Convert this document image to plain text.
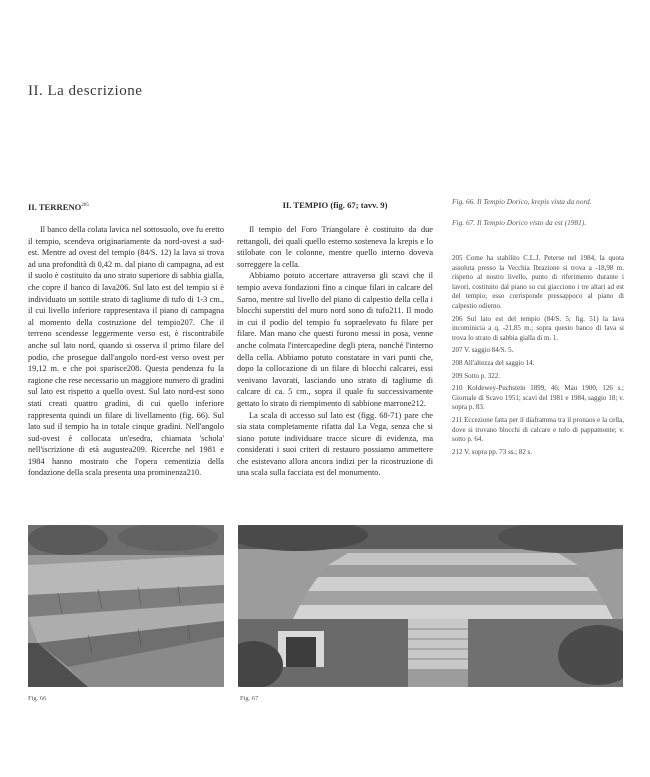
II. La descrizione
II. TERRENO$^{205}$

Il banco della colata lavica nel sottosuolo, ove fu eretto il tempio, scendeva originariamente da nord-ovest a sud-est. Mentre ad ovest del tempio (84/S. 12) la lava si trova ad una profondità di 0,42 m. dal piano di campagna, ad est il suolo è costituito da uno strato superiore di sabbia gialla, che copre il banco di lava206. Sul lato est del tempio si è individuato un sottile strato di tagliume di tufo di 1-3 cm., il cui livello inferiore rappresentava il piano di campagna al momento della costruzione del tempio207. Che il terreno scendesse leggermente verso est, è riscontrabile anche sul lato nord, quando si osserva il primo filare del podio, che prosegue dall'angolo nord-est verso ovest per 19,12 m. e che poi sparisce208. Questa pendenza fu la ragione che rese necessario un maggiore numero di gradini sul lato est rispetto a quello ovest. Sul lato nord-est sono stati creati quattro gradini, di cui quello inferiore rappresenta quindi un filare di livellamento (fig. 66). Sul lato sud il tempio ha in totale cinque gradini. Nell'angolo sud-ovest è collocata un'esedra, chiamata 'schola' nell'iscrizione di età augustea209. Ricerche nel 1981 e 1984 hanno mostrato che l'opera cementizia della fondazione della scala presenta una prominenza210.

II. TEMPIO (fig. 67; tavv. 9)

Il tempio del Foro Triangolare è costituito da due rettangoli, dei quali quello esterno sosteneva la krepis e lo stilobate con le colonne, mentre quello interno doveva sorreggere la cella.

Abbiamo potuto accertare attraverso gli scavi che il tempio aveva fondazioni fino a cinque filari in calcare del Sarno, mentre sul livello del piano di calpestio della cella i blocchi superstiti del muro nord sono di tufo211. Il modo in cui il podio del tempio fu sopraelevato fu filare per filare. Man mano che questi furono messi in posa, venne anche colmata l'intercapedine degli ptera, nonché l'interno della cella. Abbiamo potuto constatare in vari punti che, dopo la collocazione di un filare di blocchi calcarei, essi venivano lavorati, lasciando uno strato di tagliume di calcare di ca. 5 cm., sopra il quale fu successivamente gettato lo strato di riempimento di sabbione marrone212.

La scala di accesso sul lato est (figg. 68-71) pare che sia stata completamente rifatta dal La Vega, senza che si siano potute individuare tracce sicure di evidenza, ma considerati i suoi criteri di restauro possiamo ammettere che esistevano allora ancora indizi per la ricostruzione di una scala sulla facciata est del monumento.

Fig. 66. Il Tempio Dorico, krepis vista da nord.
Fig. 67. Il Tempio Dorico visto da est (1981).

205 Come ha stabilito C.L.J. Peterse nel 1984, la quota assoluta presso la Vecchia Ibrazione si trova a -18,98 m. rispetto al nostro livello, punto di riferimento durante i lavori, costituito dal piano su cui giacciono i tre altari ad est del tempio; esso corrisponde pressappoco al piano di calpestio odierno.

206 Sul lato est del tempio (84/S. 5; fig. 51) la lava incominicia a q. -21,85 m.; sopra questo banco di lava si trova lo strato di sabbia gialla di m. 1.

207 V. saggio 84/S. 5.

208 All'altezza del saggio 14.

209 Sotto p. 322.

210 Koldewey-Puchstein 1899, 46; Mau 1900, 126 s.; Giornale di Scavo 1951; scavi del 1981 e 1984, saggio 18; v. sopra p. 83.

211 Eccezione fatta per il diaframma tra il pronaos e la cella, dove si trovano blocchi di calcare e tufo di pappamonte; v. sotto p. 64.

212 V. sopra pp. 73 ss.; 82 s.

Fig. 66	Fig. 67
